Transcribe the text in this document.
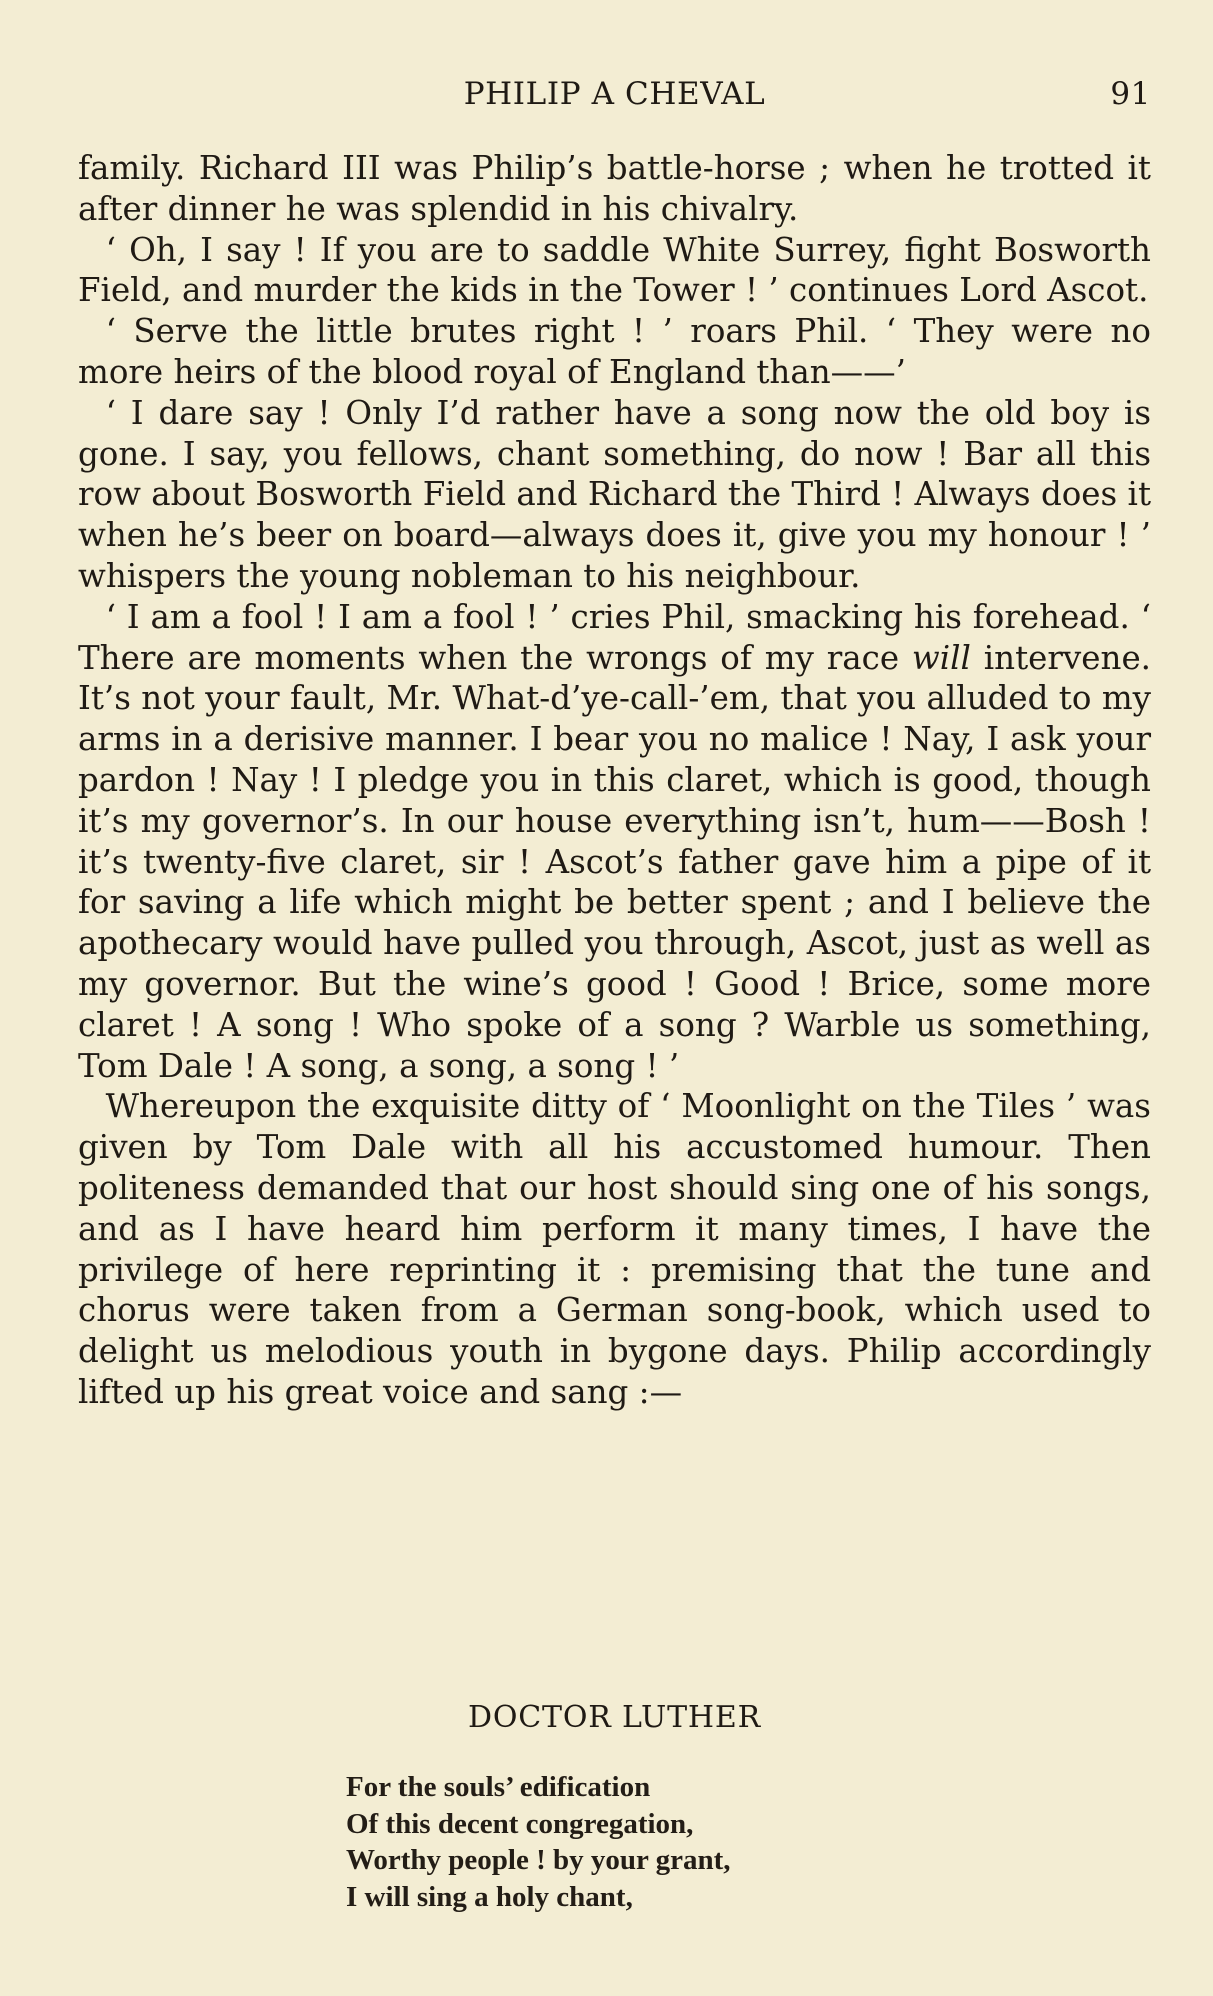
PHILIP A CHEVAL	91

family. Richard III was Philip’s battle-horse ; when he trotted it after dinner he was splendid in his chivalry.

‘ Oh, I say ! If you are to saddle White Surrey, fight Bosworth Field, and murder the kids in the Tower ! ’ continues Lord Ascot.

‘ Serve the little brutes right ! ’ roars Phil. ‘ They were no more heirs of the blood royal of England than——’

‘ I dare say ! Only I’d rather have a song now the old boy is gone. I say, you fellows, chant something, do now ! Bar all this row about Bosworth Field and Richard the Third ! Always does it when he’s beer on board—always does it, give you my honour ! ’ whispers the young nobleman to his neighbour.

‘ I am a fool ! I am a fool ! ’ cries Phil, smacking his forehead. ‘ There are moments when the wrongs of my race will intervene. It’s not your fault, Mr. What-d’ye-call-’em, that you alluded to my arms in a derisive manner. I bear you no malice ! Nay, I ask your pardon ! Nay ! I pledge you in this claret, which is good, though it’s my governor’s. In our house everything isn’t, hum——Bosh ! it’s twenty-five claret, sir ! Ascot’s father gave him a pipe of it for saving a life which might be better spent ; and I believe the apothecary would have pulled you through, Ascot, just as well as my governor. But the wine’s good ! Good ! Brice, some more claret ! A song ! Who spoke of a song ? Warble us something, Tom Dale ! A song, a song, a song ! ’

Whereupon the exquisite ditty of ‘ Moonlight on the Tiles ’ was given by Tom Dale with all his accustomed humour. Then politeness demanded that our host should sing one of his songs, and as I have heard him perform it many times, I have the privilege of here reprinting it : premising that the tune and chorus were taken from a German song-book, which used to delight us melodious youth in bygone days. Philip accordingly lifted up his great voice and sang :—

DOCTOR LUTHER
For the souls’ edification
Of this decent congregation,
Worthy people ! by your grant,
I will sing a holy chant,
